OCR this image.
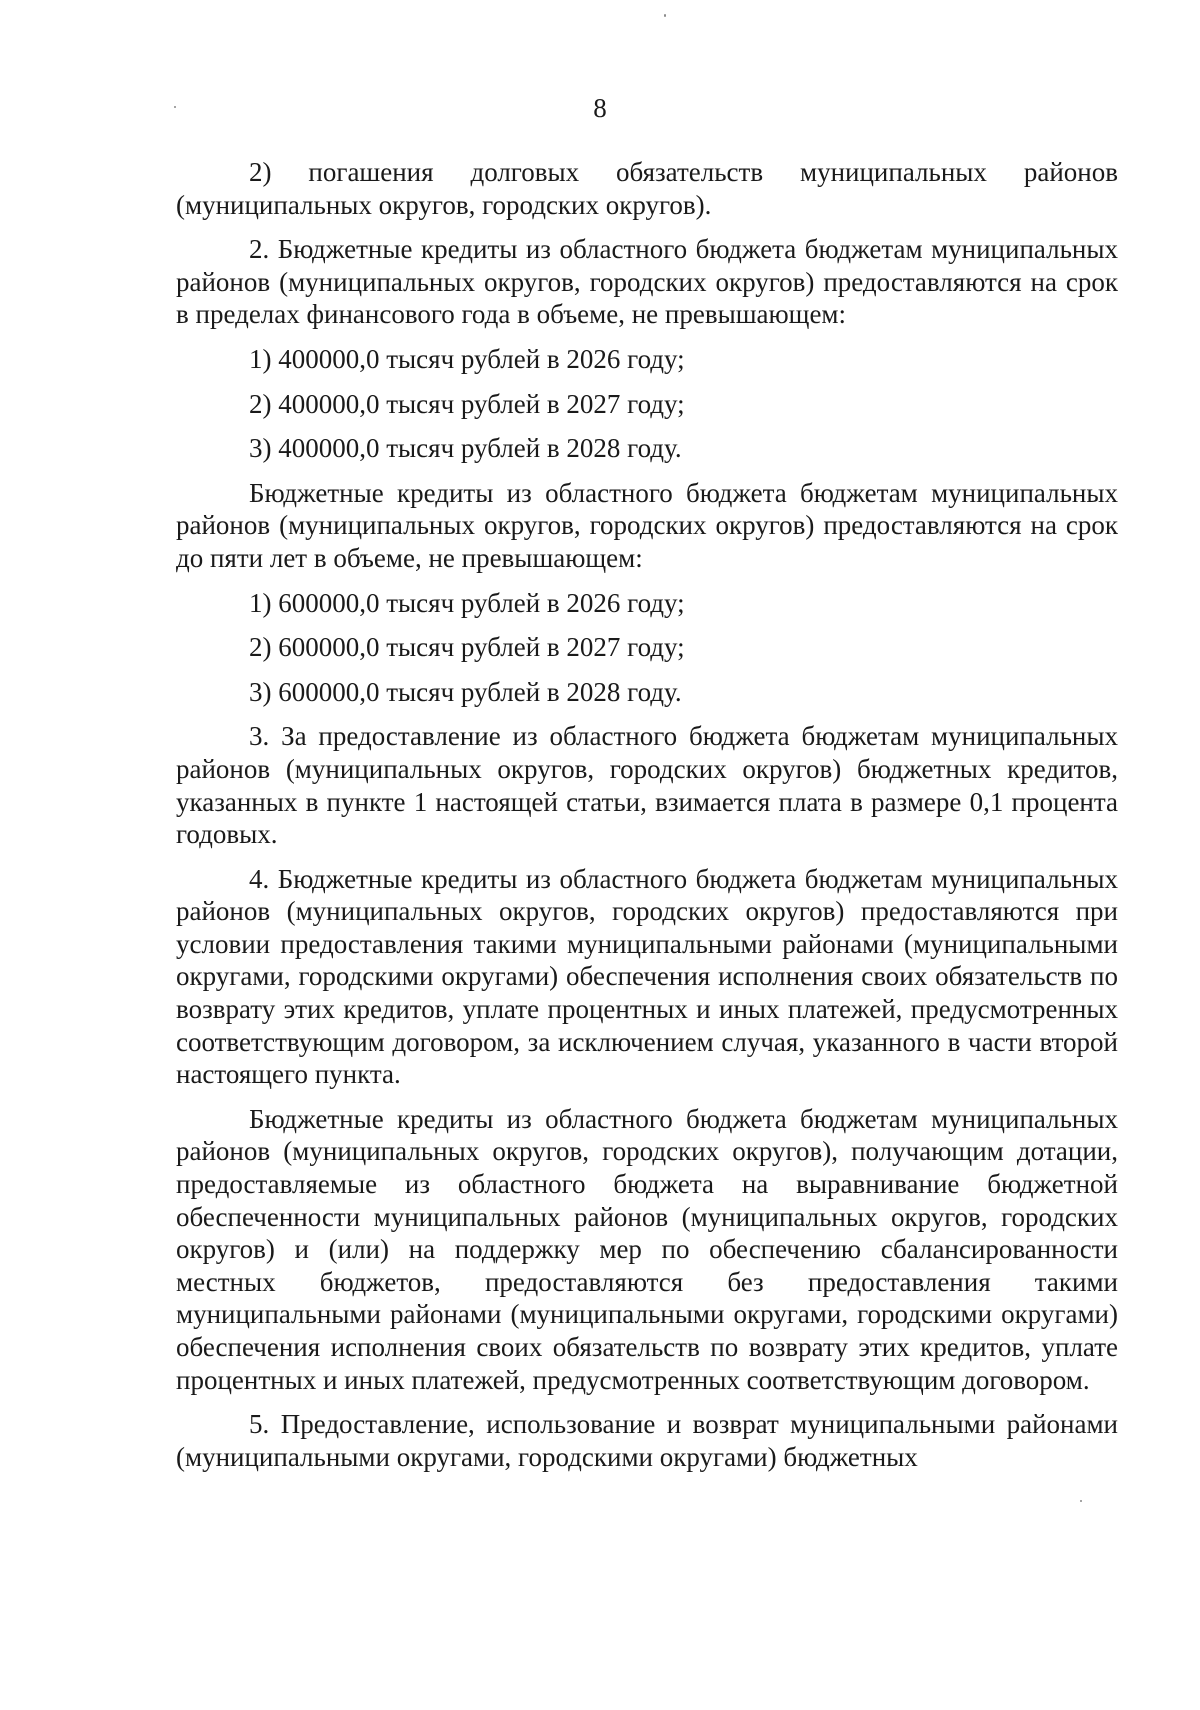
8

2) погашения долговых обязательств муниципальных районов (муниципальных округов, городских округов).

2. Бюджетные кредиты из областного бюджета бюджетам муниципальных районов (муниципальных округов, городских округов) предоставляются на срок в пределах финансового года в объеме, не превышающем:

1) 400000,0 тысяч рублей в 2026 году;

2) 400000,0 тысяч рублей в 2027 году;

3) 400000,0 тысяч рублей в 2028 году.

Бюджетные кредиты из областного бюджета бюджетам муниципальных районов (муниципальных округов, городских округов) предоставляются на срок до пяти лет в объеме, не превышающем:

1) 600000,0 тысяч рублей в 2026 году;

2) 600000,0 тысяч рублей в 2027 году;

3) 600000,0 тысяч рублей в 2028 году.

3. За предоставление из областного бюджета бюджетам муниципальных районов (муниципальных округов, городских округов) бюджетных кредитов, указанных в пункте 1 настоящей статьи, взимается плата в размере 0,1 процента годовых.

4. Бюджетные кредиты из областного бюджета бюджетам муниципальных районов (муниципальных округов, городских округов) предоставляются при условии предоставления такими муниципальными районами (муниципальными округами, городскими округами) обеспечения исполнения своих обязательств по возврату этих кредитов, уплате процентных и иных платежей, предусмотренных соответствующим договором, за исключением случая, указанного в части второй настоящего пункта.

Бюджетные кредиты из областного бюджета бюджетам муниципальных районов (муниципальных округов, городских округов), получающим дотации, предоставляемые из областного бюджета на выравнивание бюджетной обеспеченности муниципальных районов (муниципальных округов, городских округов) и (или) на поддержку мер по обеспечению сбалансированности местных бюджетов, предоставляются без предоставления такими муниципальными районами (муниципальными округами, городскими округами) обеспечения исполнения своих обязательств по возврату этих кредитов, уплате процентных и иных платежей, предусмотренных соответствующим договором.

5. Предоставление, использование и возврат муниципальными районами (муниципальными округами, городскими округами) бюджетных
